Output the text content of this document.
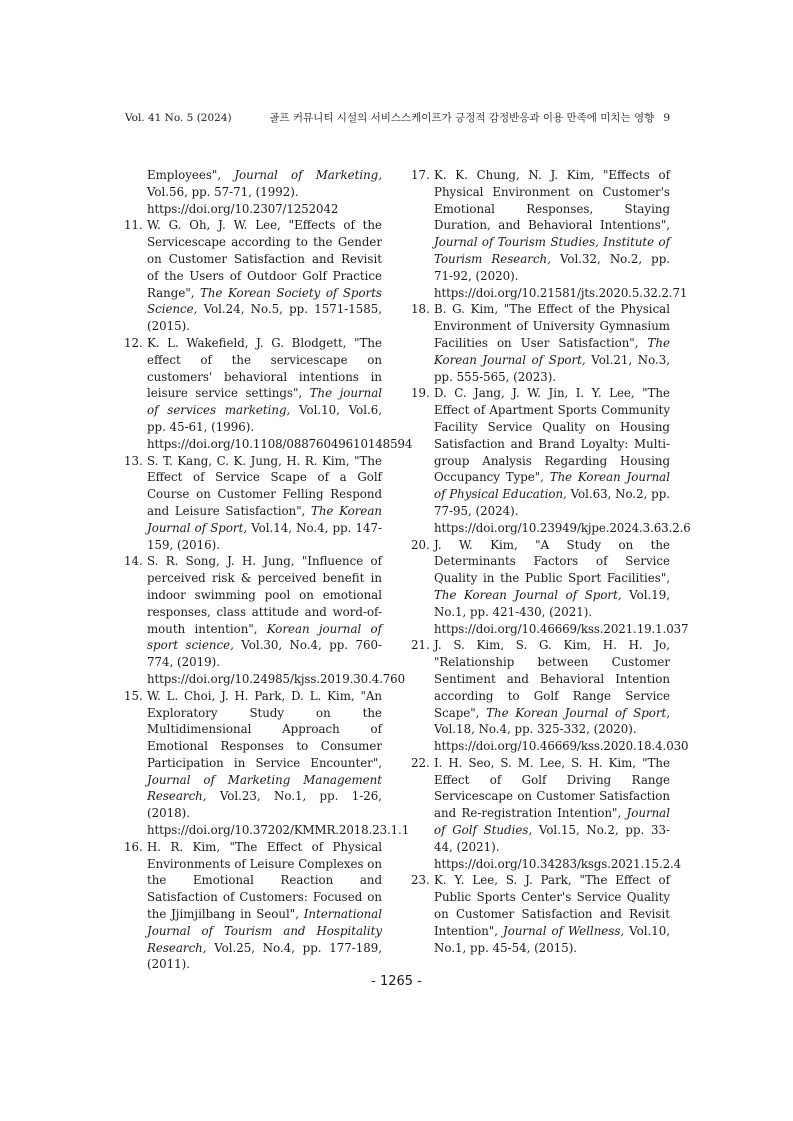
Vol. 41 No. 5 (2024)	골프 커뮤니티 시설의 서비스스케이프가 긍정적 감정반응과 이용 만족에 미치는 영향 9

Employees", Journal of Marketing, Vol.56, pp. 57-71, (1992).
https://doi.org/10.2307/1252042

11. W. G. Oh, J. W. Lee, "Effects of the Servicescape according to the Gender on Customer Satisfaction and Revisit of the Users of Outdoor Golf Practice Range", The Korean Society of Sports Science, Vol.24, No.5, pp. 1571-1585, (2015).

12. K. L. Wakefield, J. G. Blodgett, "The effect of the servicescape on customers' behavioral intentions in leisure service settings", The journal of services marketing, Vol.10, Vol.6, pp. 45-61, (1996).
https://doi.org/10.1108/08876049610148594

13. S. T. Kang, C. K. Jung, H. R. Kim, "The Effect of Service Scape of a Golf Course on Customer Felling Respond and Leisure Satisfaction", The Korean Journal of Sport, Vol.14, No.4, pp. 147-159, (2016).

14. S. R. Song, J. H. Jung, "Influence of perceived risk & perceived benefit in indoor swimming pool on emotional responses, class attitude and word-of-mouth intention", Korean journal of sport science, Vol.30, No.4, pp. 760-774, (2019).
https://doi.org/10.24985/kjss.2019.30.4.760

15. W. L. Choi, J. H. Park, D. L. Kim, "An Exploratory Study on the Multidimensional Approach of Emotional Responses to Consumer Participation in Service Encounter", Journal of Marketing Management Research, Vol.23, No.1, pp. 1-26, (2018).
https://doi.org/10.37202/KMMR.2018.23.1.1

16. H. R. Kim, "The Effect of Physical Environments of Leisure Complexes on the Emotional Reaction and Satisfaction of Customers: Focused on the Jjimjilbang in Seoul", International Journal of Tourism and Hospitality Research, Vol.25, No.4, pp. 177-189, (2011).

17. K. K. Chung, N. J. Kim, "Effects of Physical Environment on Customer's Emotional Responses, Staying Duration, and Behavioral Intentions", Journal of Tourism Studies, Institute of Tourism Research, Vol.32, No.2, pp. 71-92, (2020).
https://doi.org/10.21581/jts.2020.5.32.2.71

18. B. G. Kim, "The Effect of the Physical Environment of University Gymnasium Facilities on User Satisfaction", The Korean Journal of Sport, Vol.21, No.3, pp. 555-565, (2023).

19. D. C. Jang, J. W. Jin, I. Y. Lee, "The Effect of Apartment Sports Community Facility Service Quality on Housing Satisfaction and Brand Loyalty: Multi-group Analysis Regarding Housing Occupancy Type", The Korean Journal of Physical Education, Vol.63, No.2, pp. 77-95, (2024).
https://doi.org/10.23949/kjpe.2024.3.63.2.6

20. J. W. Kim, "A Study on the Determinants Factors of Service Quality in the Public Sport Facilities", The Korean Journal of Sport, Vol.19, No.1, pp. 421-430, (2021).
https://doi.org/10.46669/kss.2021.19.1.037

21. J. S. Kim, S. G. Kim, H. H. Jo, "Relationship between Customer Sentiment and Behavioral Intention according to Golf Range Service Scape", The Korean Journal of Sport, Vol.18, No.4, pp. 325-332, (2020).
https://doi.org/10.46669/kss.2020.18.4.030

22. I. H. Seo, S. M. Lee, S. H. Kim, "The Effect of Golf Driving Range Servicescape on Customer Satisfaction and Re-registration Intention", Journal of Golf Studies, Vol.15, No.2, pp. 33-44, (2021).
https://doi.org/10.34283/ksgs.2021.15.2.4

23. K. Y. Lee, S. J. Park, "The Effect of Public Sports Center's Service Quality on Customer Satisfaction and Revisit Intention", Journal of Wellness, Vol.10, No.1, pp. 45-54, (2015).

- 1265 -
